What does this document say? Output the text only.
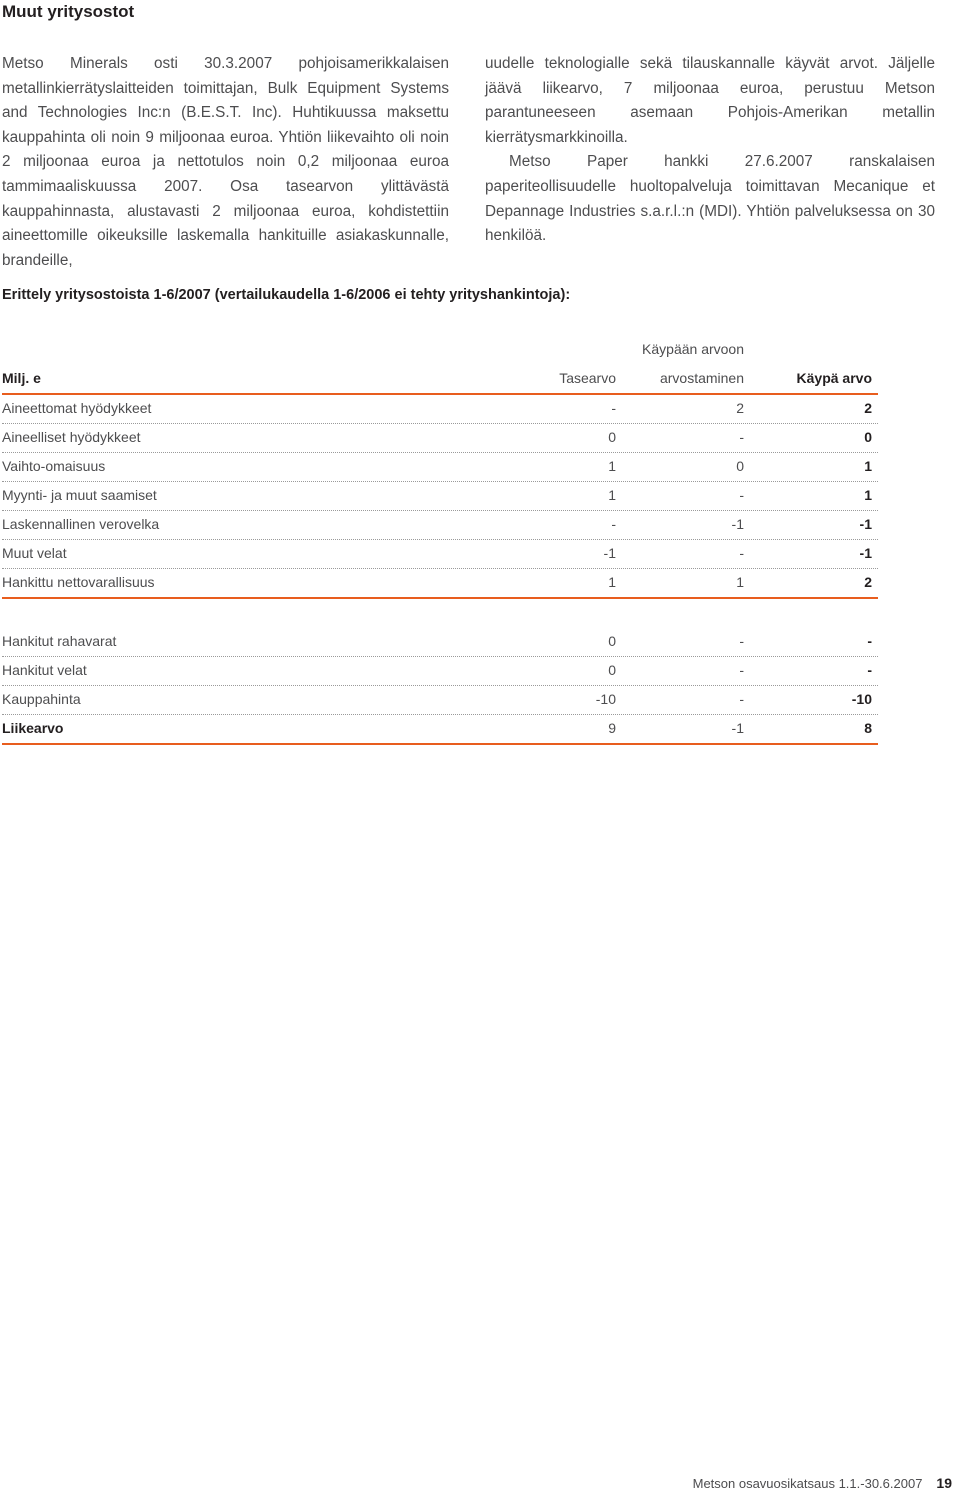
Muut yritysostot

Metso Minerals osti 30.3.2007 pohjoisamerikkalaisen metallinkierrätyslaitteiden toimittajan, Bulk Equipment Systems and Technologies Inc:n (B.E.S.T. Inc). Huhtikuussa maksettu kauppahinta oli noin 9 miljoonaa euroa. Yhtiön liikevaihto oli noin 2 miljoonaa euroa ja nettotulos noin 0,2 miljoonaa euroa tammimaaliskuussa 2007. Osa tasearvon ylittävästä kauppahinnasta, alustavasti 2 miljoonaa euroa, kohdistettiin aineettomille oikeuksille laskemalla hankituille asiakaskunnalle, brandeille,

uudelle teknologialle sekä tilauskannalle käyvät arvot. Jäljelle jäävä liikearvo, 7 miljoonaa euroa, perustuu Metson parantuneeseen asemaan Pohjois-Amerikan metallin kierrätysmarkkinoilla.

Metso Paper hankki 27.6.2007 ranskalaisen paperiteollisuudelle huoltopalveluja toimittavan Mecanique et Depannage Industries s.a.r.l.:n (MDI). Yhtiön palveluksessa on 30 henkilöä.

Erittely yritysostoista 1-6/2007 (vertailukaudella 1-6/2006 ei tehty yrityshankintoja):
Käypään arvoon
Milj. e	Tasearvo	arvostaminen	Käypä arvo
Aineettomat hyödykkeet	-	2	2
Aineelliset hyödykkeet	0	-	0
Vaihto-omaisuus	1	0	1
Myynti- ja muut saamiset	1	-	1
Laskennallinen verovelka	-	-1	-1
Muut velat	-1	-	-1
Hankittu nettovarallisuus	1	1	2
Hankitut rahavarat	0	-	-
Hankitut velat	0	-	-
Kauppahinta	-10	-	-10
Liikearvo	9	-1	8
Metson osavuosikatsaus 1.1.-30.6.2007 19
